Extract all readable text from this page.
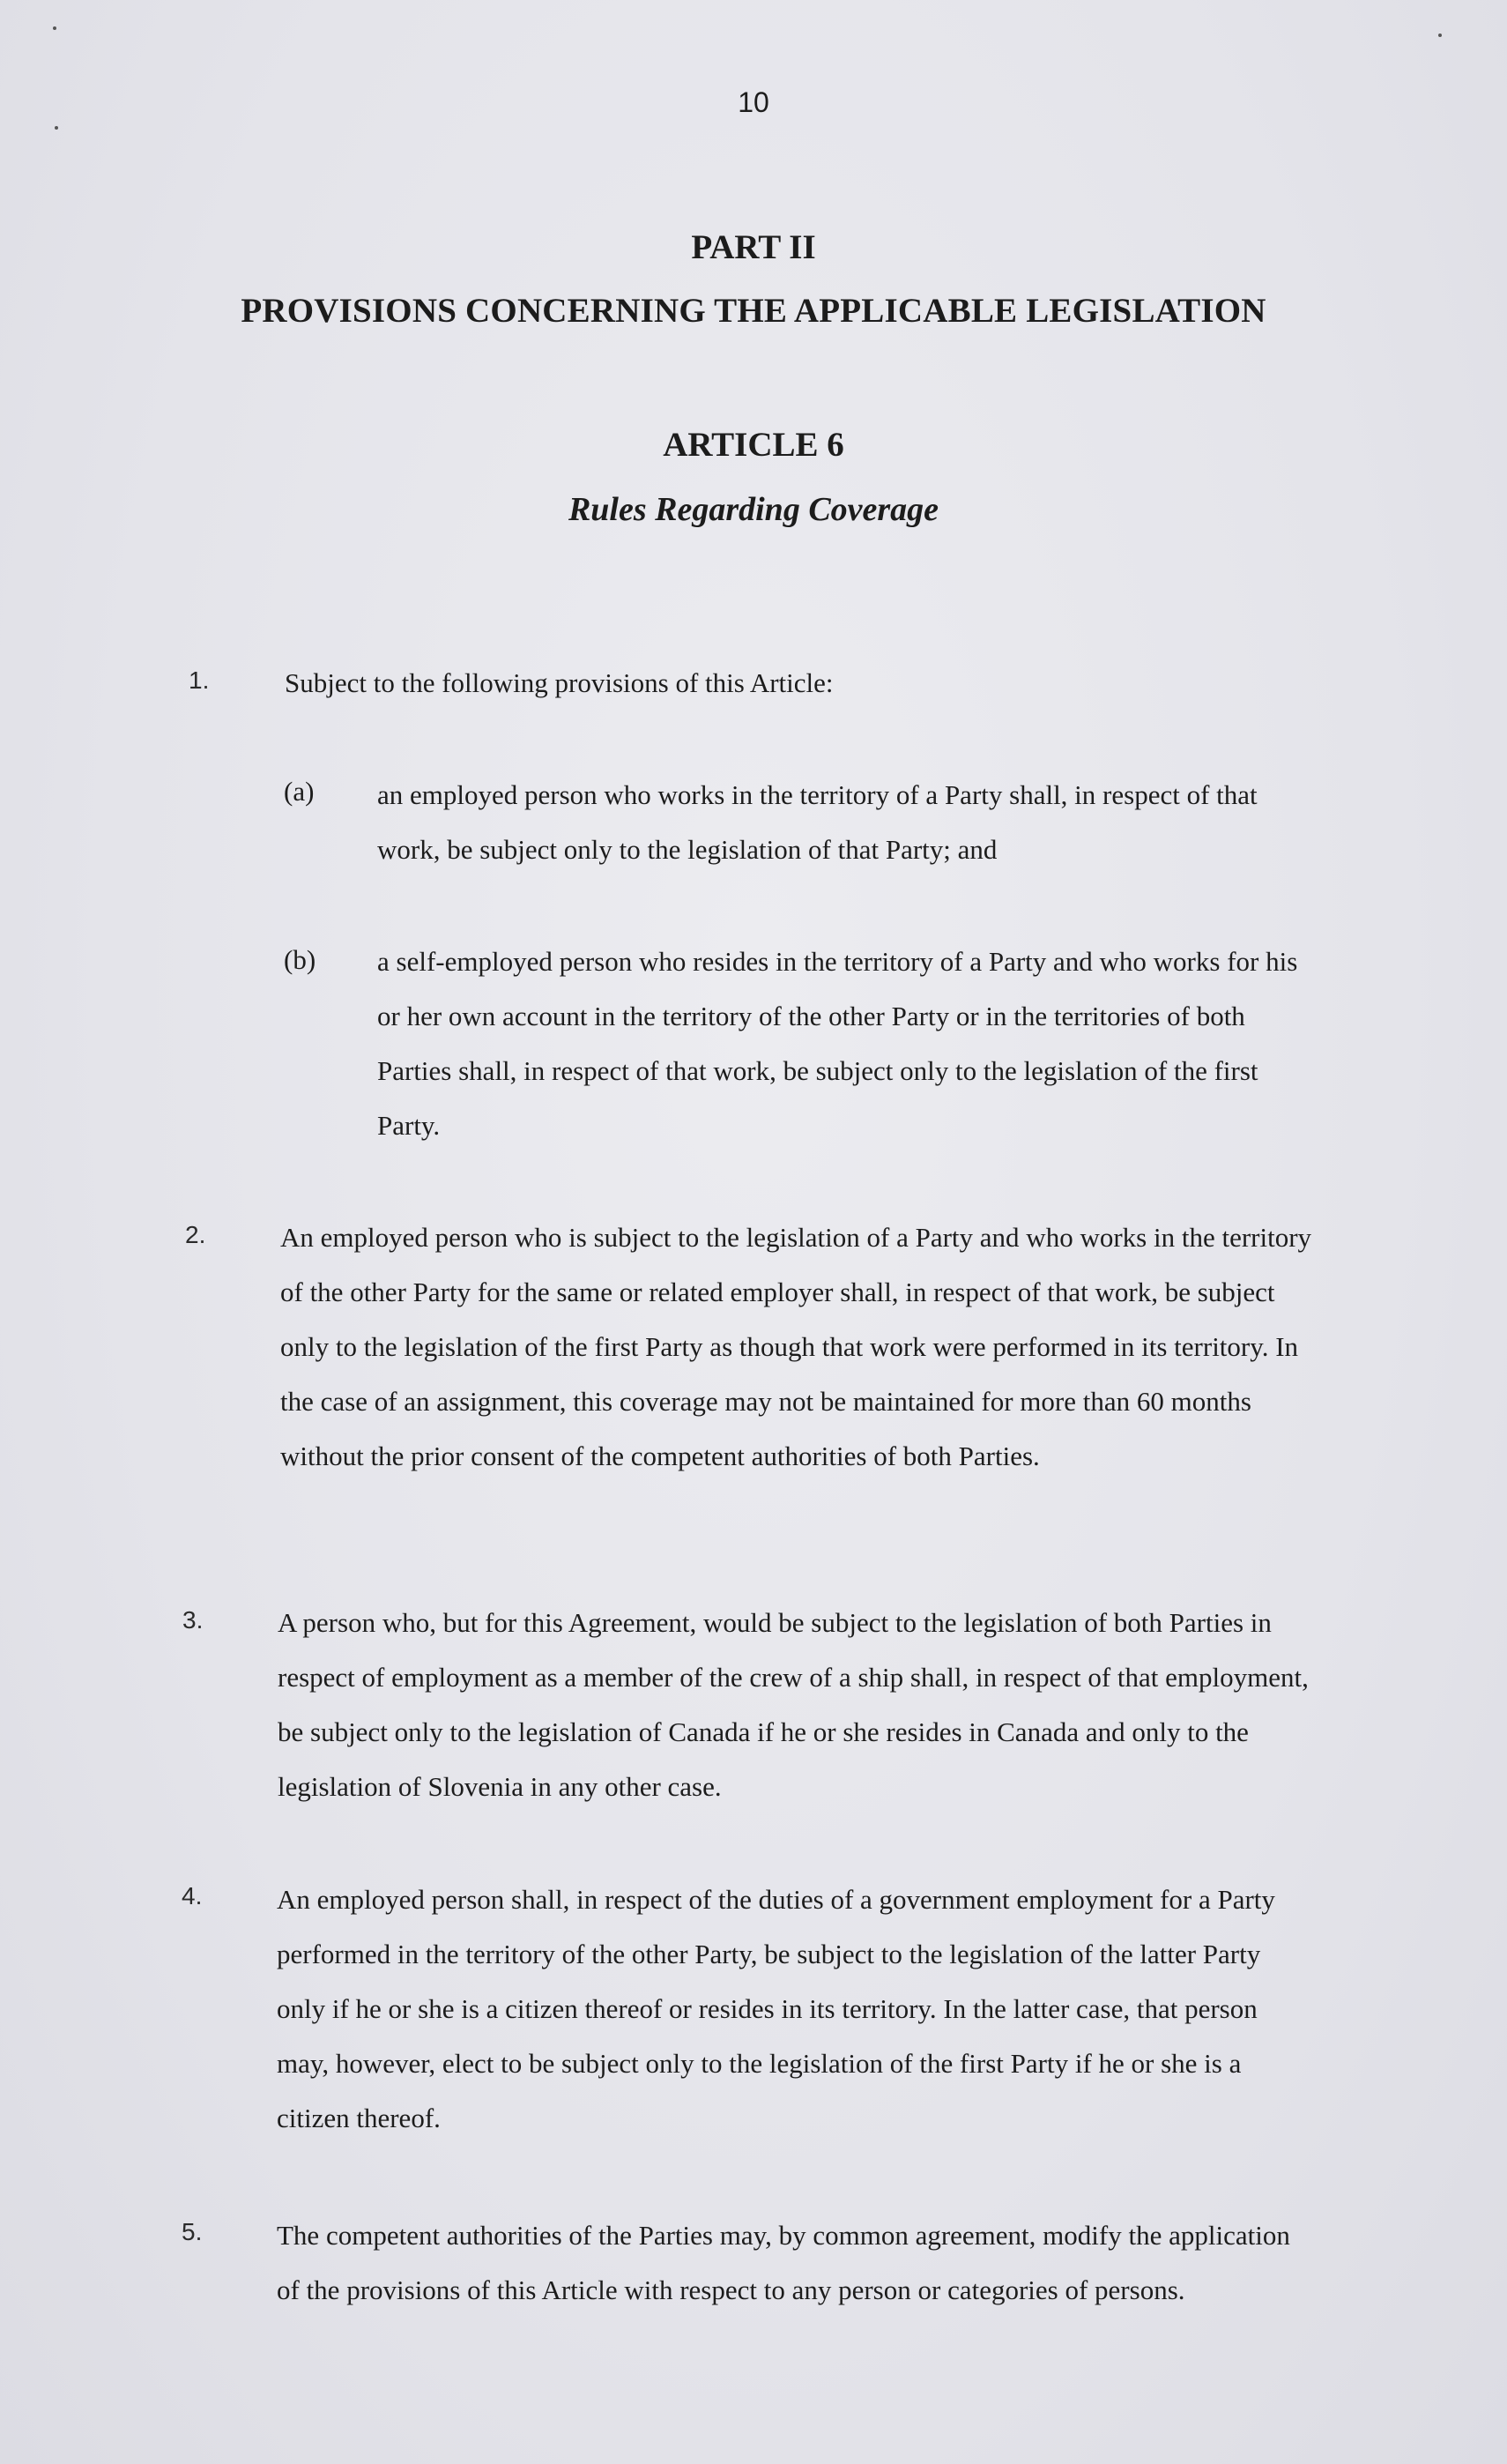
10
PART II
PROVISIONS CONCERNING THE APPLICABLE LEGISLATION
ARTICLE 6
Rules Regarding Coverage
1.	Subject to the following provisions of this Article:

(a) an employed person who works in the territory of a Party shall, in respect of that work, be subject only to the legislation of that Party; and

(b) a self-employed person who resides in the territory of a Party and who works for his or her own account in the territory of the other Party or in the territories of both Parties shall, in respect of that work, be subject only to the legislation of the first Party.

2.	An employed person who is subject to the legislation of a Party and who works in the territory of the other Party for the same or related employer shall, in respect of that work, be subject only to the legislation of the first Party as though that work were performed in its territory. In the case of an assignment, this coverage may not be maintained for more than 60 months without the prior consent of the competent authorities of both Parties.

3.	A person who, but for this Agreement, would be subject to the legislation of both Parties in respect of employment as a member of the crew of a ship shall, in respect of that employment, be subject only to the legislation of Canada if he or she resides in Canada and only to the legislation of Slovenia in any other case.

4.	An employed person shall, in respect of the duties of a government employment for a Party performed in the territory of the other Party, be subject to the legislation of the latter Party only if he or she is a citizen thereof or resides in its territory. In the latter case, that person may, however, elect to be subject only to the legislation of the first Party if he or she is a citizen thereof.

5.	The competent authorities of the Parties may, by common agreement, modify the application of the provisions of this Article with respect to any person or categories of persons.
